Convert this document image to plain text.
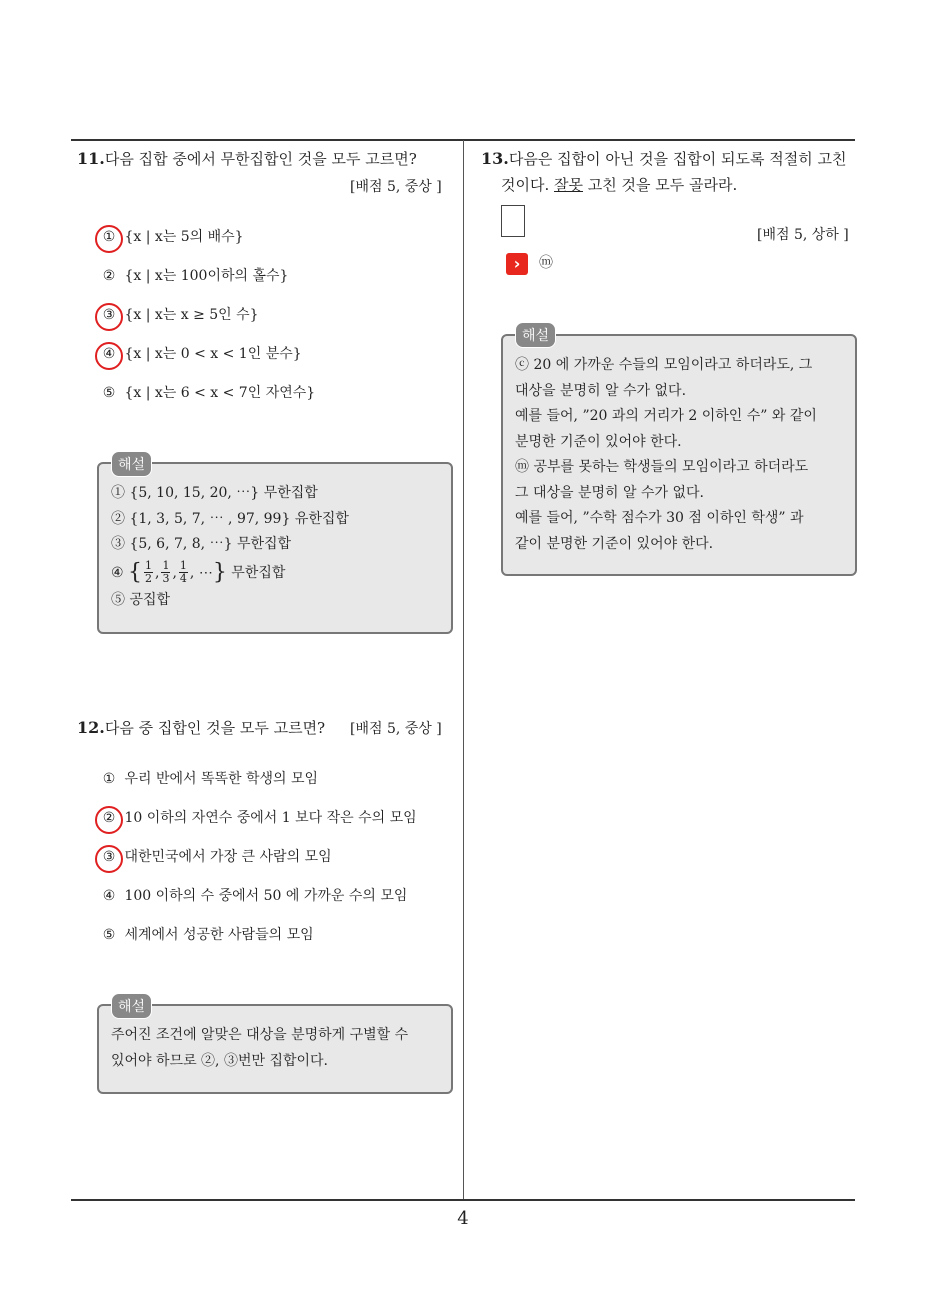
11.다음 집합 중에서 무한집합인 것을 모두 고르면?
[배점 5, 중상 ]
① {x | x는 5의 배수}
② {x | x는 100이하의 홀수}
③ {x | x는 x ≥ 5인 수}
④ {x | x는 0 < x < 1인 분수}
⑤ {x | x는 6 < x < 7인 자연수}
① {5, 10, 15, 20, ⋯} 무한집합
② {1, 3, 5, 7, ⋯ , 97, 99} 유한집합
③ {5, 6, 7, 8, ⋯} 무한집합
④ { $\frac{1}{2}$ , $\frac{1}{3}$ , $\frac{1}{4}$ , ⋯} 무한집합
⑤ 공집합
해설
12.다음 중 집합인 것을 모두 고르면? [배점 5, 중상 ]
① 우리 반에서 똑똑한 학생의 모임
② 10 이하의 자연수 중에서 1 보다 작은 수의 모임
③ 대한민국에서 가장 큰 사람의 모임
④ 100 이하의 수 중에서 50 에 가까운 수의 모임
⑤ 세계에서 성공한 사람들의 모임
주어진 조건에 알맞은 대상을 분명하게 구별할 수
있어야 하므로 ②, ③번만 집합이다.
해설
13.다음은 집합이 아닌 것을 집합이 되도록 적절히 고친
것이다. 잘못 고친 것을 모두 골라라.
[배점 5, 상하 ]
›	ⓜ
ⓒ 20 에 가까운 수들의 모임이라고 하더라도, 그
대상을 분명히 알 수가 없다.
예를 들어, ”20 과의 거리가 2 이하인 수” 와 같이
분명한 기준이 있어야 한다.
ⓜ 공부를 못하는 학생들의 모임이라고 하더라도
그 대상을 분명히 알 수가 없다.
예를 들어, ”수학 점수가 30 점 이하인 학생” 과
같이 분명한 기준이 있어야 한다.
해설
4
